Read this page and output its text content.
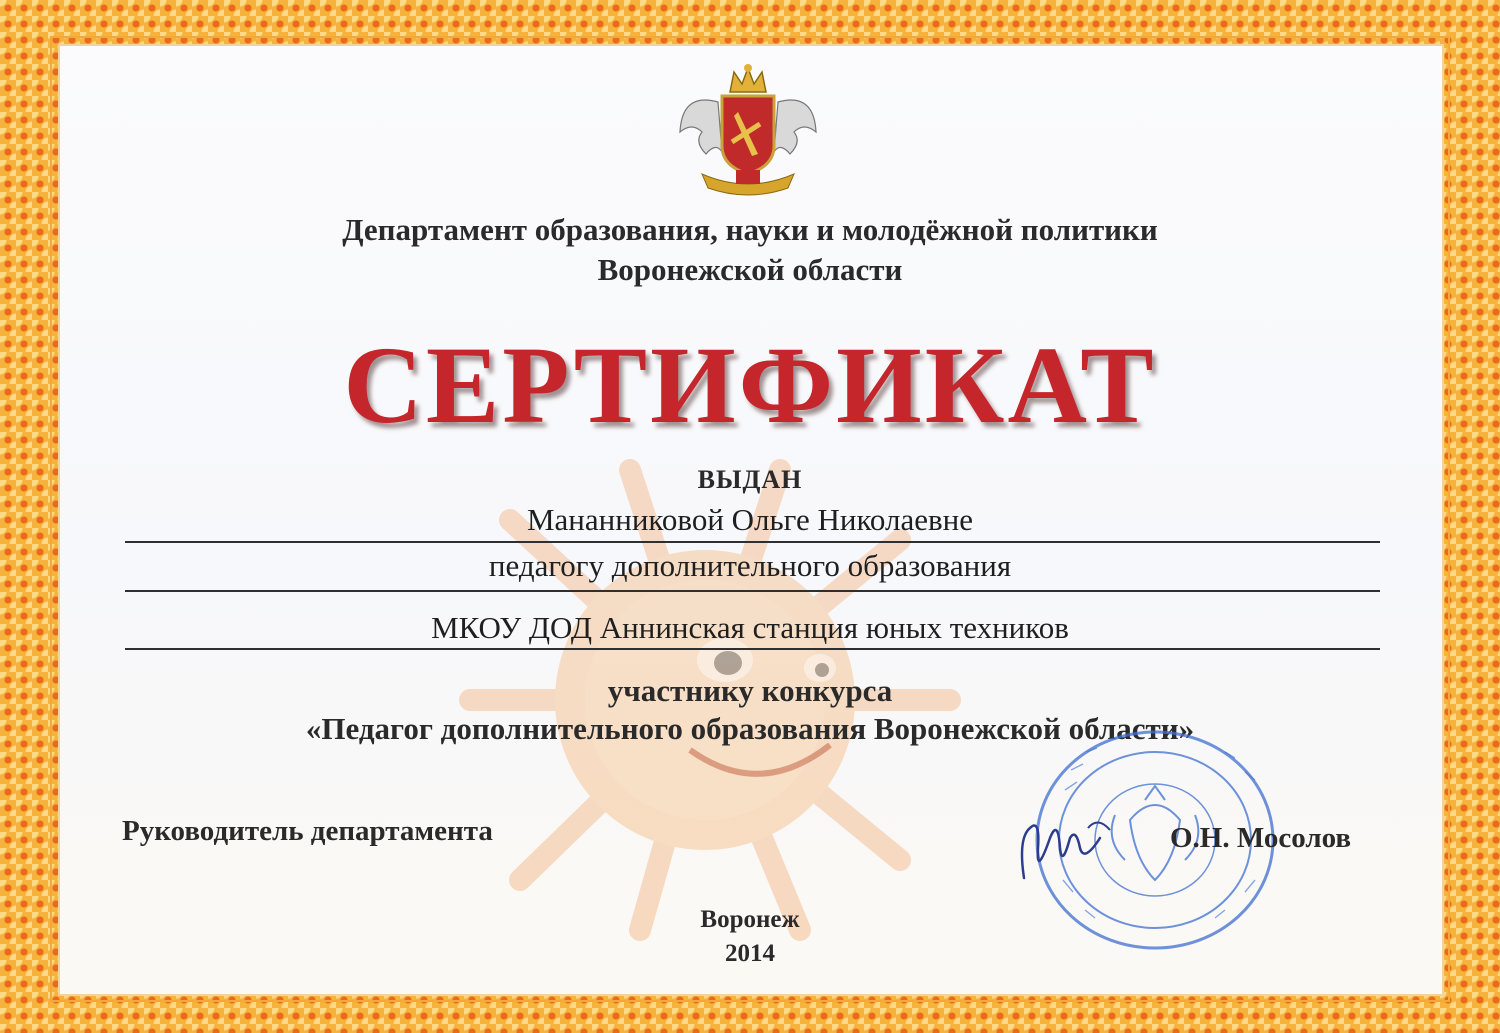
Департамент образования, науки и молодёжной политики
Воронежской области
СЕРТИФИКАТ
ВЫДАН
Мананниковой Ольге Николаевне
педагогу дополнительного образования
МКОУ ДОД Аннинская станция юных техников
участнику конкурса
«Педагог дополнительного образования Воронежской области»
Руководитель департамента	О.Н. Мосолов
Воронеж
2014
